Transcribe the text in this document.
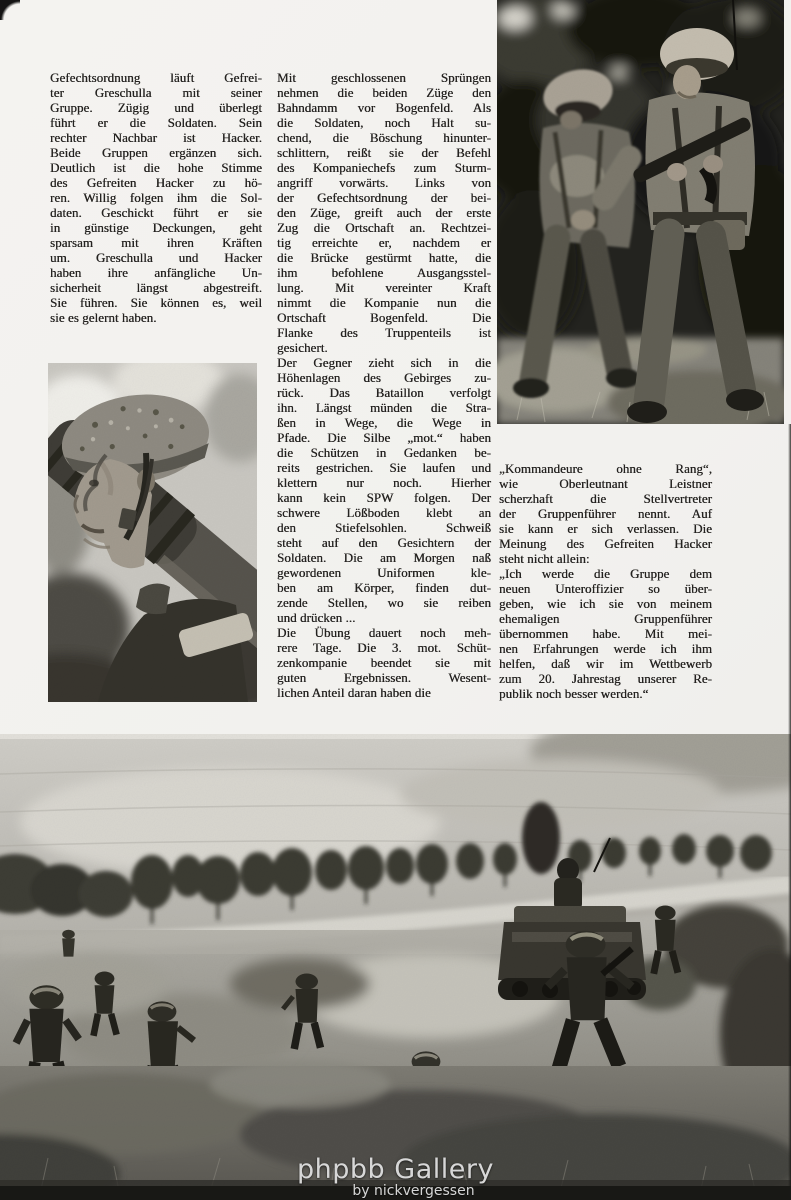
Gefechtsordnung läuft Gefrei-
ter Greschulla mit seiner
Gruppe. Zügig und überlegt
führt er die Soldaten. Sein
rechter Nachbar ist Hacker.
Beide Gruppen ergänzen sich.
Deutlich ist die hohe Stimme
des Gefreiten Hacker zu hö-
ren. Willig folgen ihm die Sol-
daten. Geschickt führt er sie
in günstige Deckungen, geht
sparsam mit ihren Kräften
um. Greschulla und Hacker
haben ihre anfängliche Un-
sicherheit längst abgestreift.
Sie führen. Sie können es, weil
sie es gelernt haben.

Mit geschlossenen Sprüngen
nehmen die beiden Züge den
Bahndamm vor Bogenfeld. Als
die Soldaten, noch Halt su-
chend, die Böschung hinunter-
schlittern, reißt sie der Befehl
des Kompaniechefs zum Sturm-
angriff vorwärts. Links von
der Gefechtsordnung der bei-
den Züge, greift auch der erste
Zug die Ortschaft an. Rechtzei-
tig erreichte er, nachdem er
die Brücke gestürmt hatte, die
ihm befohlene Ausgangsstel-
lung. Mit vereinter Kraft
nimmt die Kompanie nun die
Ortschaft Bogenfeld. Die
Flanke des Truppenteils ist
gesichert.

Der Gegner zieht sich in die
Höhenlagen des Gebirges zu-
rück. Das Bataillon verfolgt
ihn. Längst münden die Stra-
ßen in Wege, die Wege in
Pfade. Die Silbe „mot.“ haben
die Schützen in Gedanken be-
reits gestrichen. Sie laufen und
klettern nur noch. Hierher
kann kein SPW folgen. Der
schwere Lößboden klebt an
den Stiefelsohlen. Schweiß
steht auf den Gesichtern der
Soldaten. Die am Morgen naß
gewordenen Uniformen kle-
ben am Körper, finden dut-
zende Stellen, wo sie reiben
und drücken ...

Die Übung dauert noch meh-
rere Tage. Die 3. mot. Schüt-
zenkompanie beendet sie mit
guten Ergebnissen. Wesent-
lichen Anteil daran haben die

„Kommandeure ohne Rang“,
wie Oberleutnant Leistner
scherzhaft die Stellvertreter
der Gruppenführer nennt. Auf
sie kann er sich verlassen. Die
Meinung des Gefreiten Hacker
steht nicht allein:

„Ich werde die Gruppe dem
neuen Unteroffizier so über-
geben, wie ich sie von meinem
ehemaligen Gruppenführer
übernommen habe. Mit mei-
nen Erfahrungen werde ich ihm
helfen, daß wir im Wettbewerb
zum 20. Jahrestag unserer Re-
publik noch besser werden.“

phpbb Gallery
by nickvergessen
